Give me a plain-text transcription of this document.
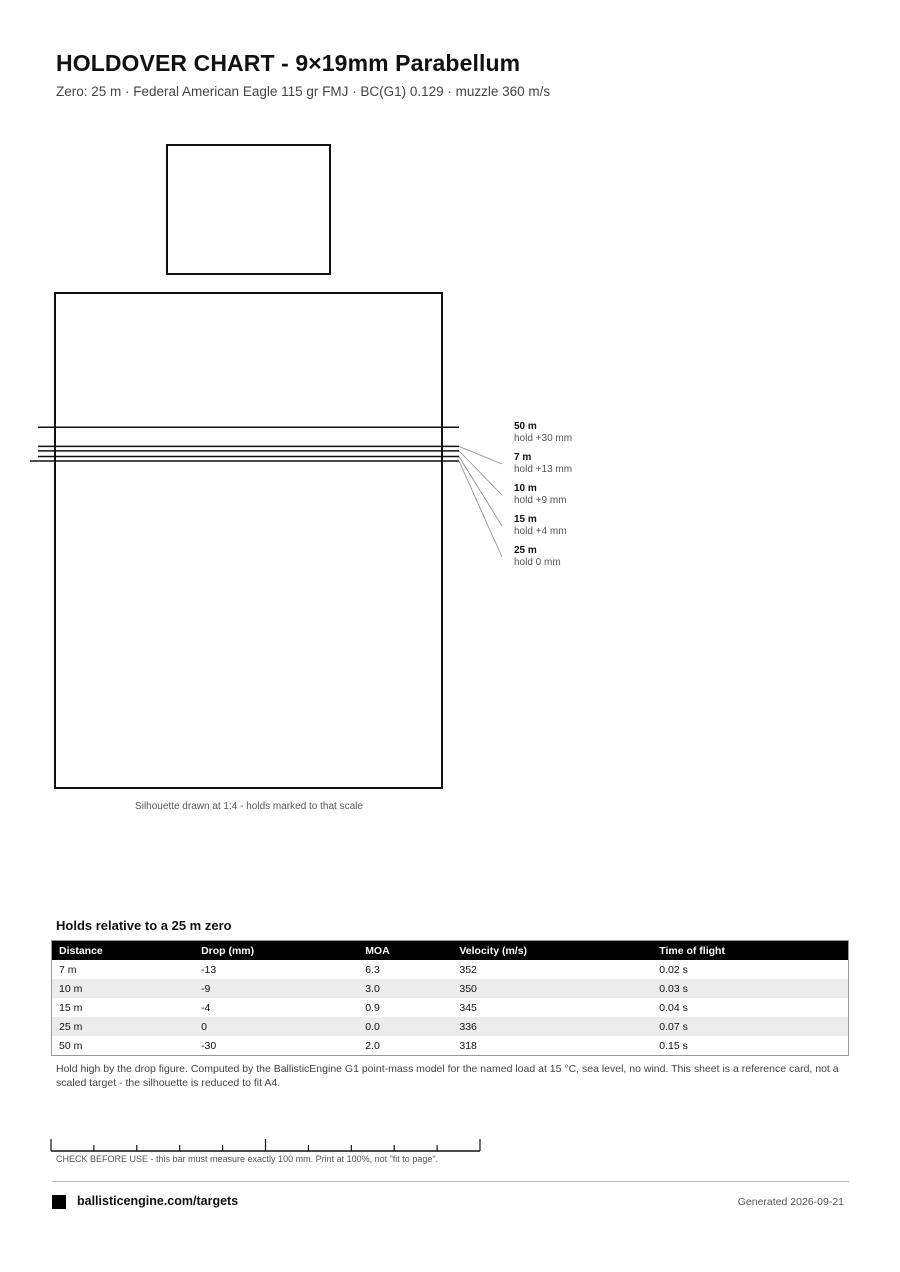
HOLDOVER CHART - 9×19mm Parabellum
Zero: 25 m · Federal American Eagle 115 gr FMJ · BC(G1) 0.129 · muzzle 360 m/s
50 m
hold +30 mm
7 m
hold +13 mm
10 m
hold +9 mm
15 m
hold +4 mm
25 m
hold 0 mm
Silhouette drawn at 1:4 - holds marked to that scale
Holds relative to a 25 m zero
Distance	Drop (mm)	MOA	Velocity (m/s)	Time of flight
7 m	-13	6.3	352	0.02 s
10 m	-9	3.0	350	0.03 s
15 m	-4	0.9	345	0.04 s
25 m	0	0.0	336	0.07 s
50 m	-30	2.0	318	0.15 s
Hold high by the drop figure. Computed by the BallisticEngine G1 point-mass model for the named load at 15 °C, sea level, no wind. This sheet is a reference card, not a scaled target - the silhouette is reduced to fit A4.
CHECK BEFORE USE - this bar must measure exactly 100 mm. Print at 100%, not "fit to page".
ballisticengine.com/targets	Generated 2026-09-21
